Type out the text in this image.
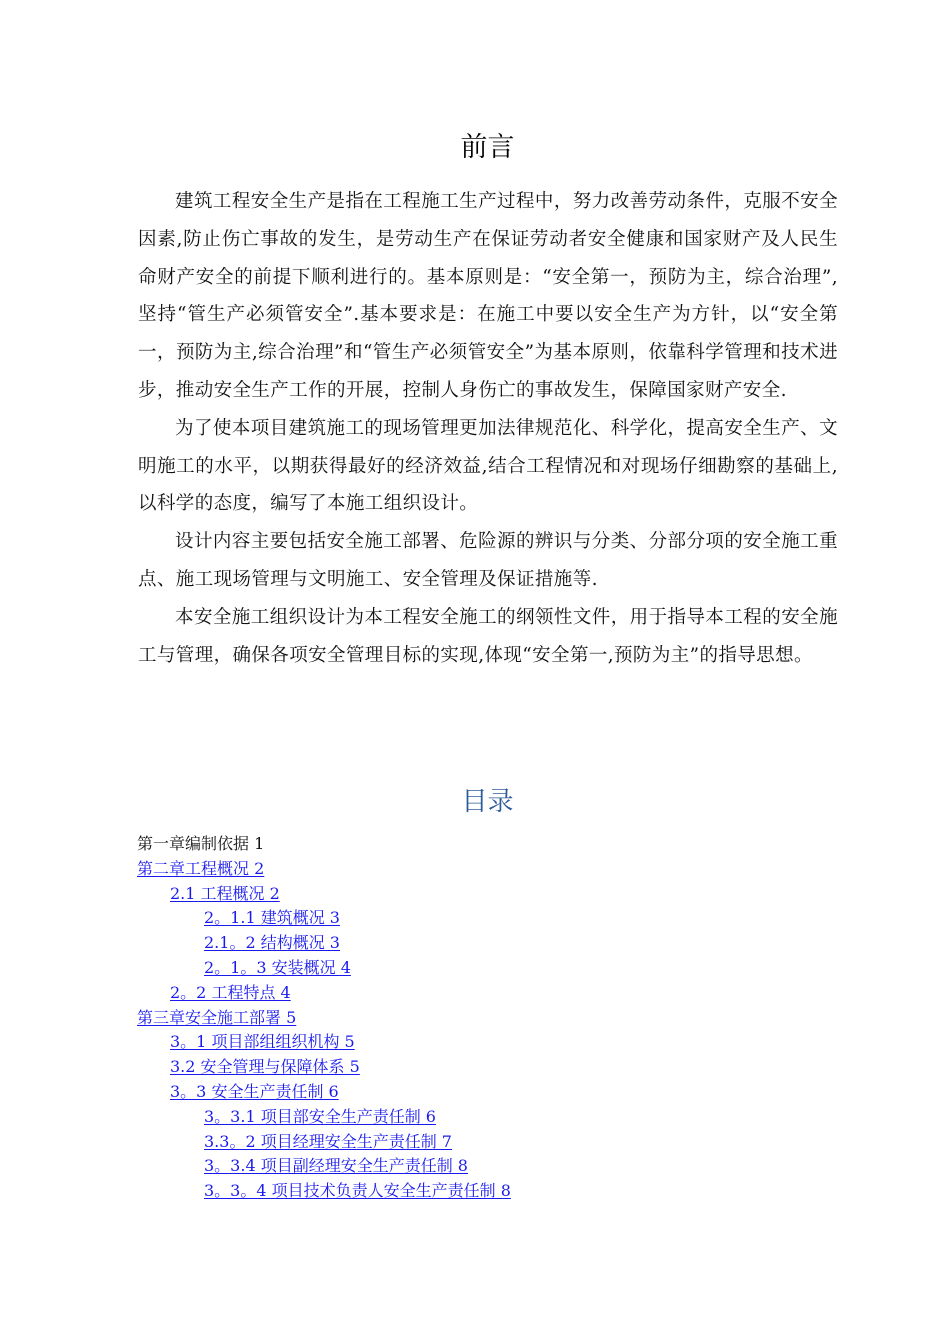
前言

建筑工程安全生产是指在工程施工生产过程中，努力改善劳动条件，克服不安全因素,防止伤亡事故的发生，是劳动生产在保证劳动者安全健康和国家财产及人民生命财产安全的前提下顺利进行的。基本原则是：“安全第一，预防为主，综合治理”,坚持“管生产必须管安全”.基本要求是：在施工中要以安全生产为方针，以“安全第一，预防为主,综合治理”和“管生产必须管安全”为基本原则，依靠科学管理和技术进步，推动安全生产工作的开展，控制人身伤亡的事故发生，保障国家财产安全.

为了使本项目建筑施工的现场管理更加法律规范化、科学化，提高安全生产、文明施工的水平，以期获得最好的经济效益,结合工程情况和对现场仔细勘察的基础上,以科学的态度，编写了本施工组织设计。

设计内容主要包括安全施工部署、危险源的辨识与分类、分部分项的安全施工重点、施工现场管理与文明施工、安全管理及保证措施等.

本安全施工组织设计为本工程安全施工的纲领性文件，用于指导本工程的安全施工与管理，确保各项安全管理目标的实现,体现“安全第一,预防为主”的指导思想。

目录
第一章编制依据 1
第二章工程概况 2
2.1 工程概况 2
2。1.1 建筑概况 3
2.1。2 结构概况 3
2。1。3 安装概况 4
2。2 工程特点 4
第三章安全施工部署 5
3。1 项目部组组织机构 5
3.2 安全管理与保障体系 5
3。3 安全生产责任制 6
3。3.1 项目部安全生产责任制 6
3.3。2 项目经理安全生产责任制 7
3。3.4 项目副经理安全生产责任制 8
3。3。4 项目技术负责人安全生产责任制 8
